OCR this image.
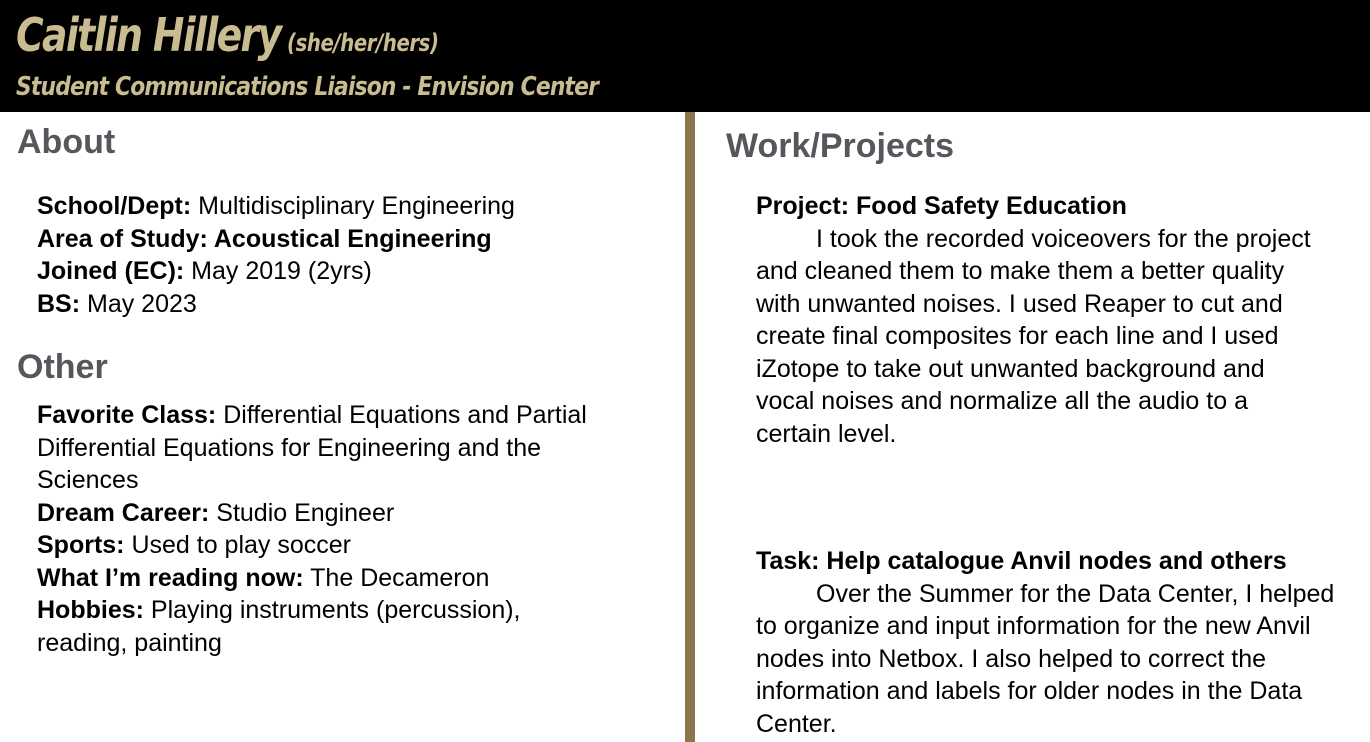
Caitlin Hillery (she/her/hers)
Student Communications Liaison - Envision Center
About
School/Dept: Multidisciplinary Engineering
Area of Study: Acoustical Engineering
Joined (EC): May 2019 (2yrs)
BS: May 2023
Other
Favorite Class: Differential Equations and Partial
Differential Equations for Engineering and the
Sciences
Dream Career: Studio Engineer
Sports: Used to play soccer
What I’m reading now: The Decameron
Hobbies: Playing instruments (percussion),
reading, painting
Work/Projects
Project: Food Safety Education
I took the recorded voiceovers for the project
and cleaned them to make them a better quality
with unwanted noises. I used Reaper to cut and
create final composites for each line and I used
iZotope to take out unwanted background and
vocal noises and normalize all the audio to a
certain level.
Task: Help catalogue Anvil nodes and others
Over the Summer for the Data Center, I helped
to organize and input information for the new Anvil
nodes into Netbox. I also helped to correct the
information and labels for older nodes in the Data
Center.
